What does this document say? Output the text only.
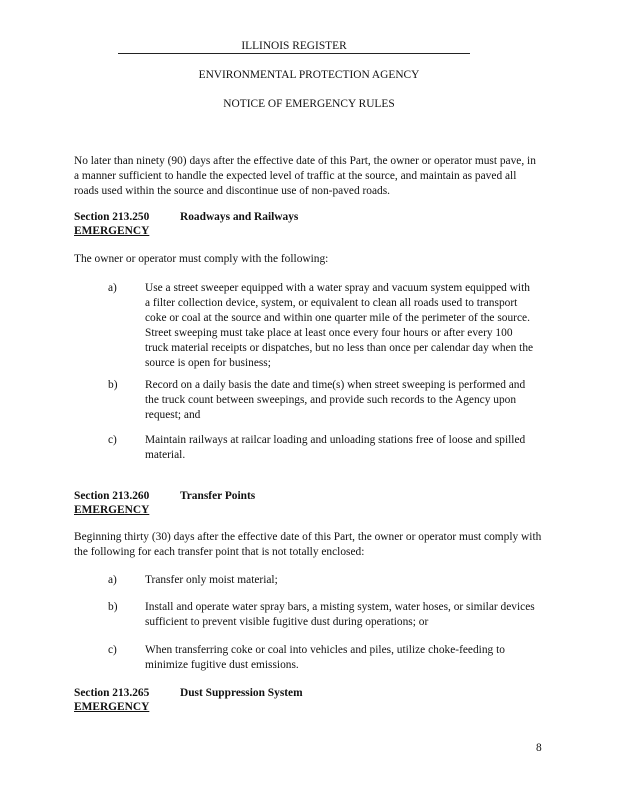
ILLINOIS REGISTER
ENVIRONMENTAL PROTECTION AGENCY
NOTICE OF EMERGENCY RULES
No later than ninety (90) days after the effective date of this Part, the owner or operator must pave, in a manner sufficient to handle the expected level of traffic at the source, and maintain as paved all roads used within the source and discontinue use of non-paved roads.
Section 213.250	Roadways and Railways
EMERGENCY
The owner or operator must comply with the following:
a)	Use a street sweeper equipped with a water spray and vacuum system equipped with a filter collection device, system, or equivalent to clean all roads used to transport coke or coal at the source and within one quarter mile of the perimeter of the source. Street sweeping must take place at least once every four hours or after every 100 truck material receipts or dispatches, but no less than once per calendar day when the source is open for business;
b)	Record on a daily basis the date and time(s) when street sweeping is performed and the truck count between sweepings, and provide such records to the Agency upon request; and
c)	Maintain railways at railcar loading and unloading stations free of loose and spilled material.
Section 213.260	Transfer Points
EMERGENCY
Beginning thirty (30) days after the effective date of this Part, the owner or operator must comply with the following for each transfer point that is not totally enclosed:
a)	Transfer only moist material;
b)	Install and operate water spray bars, a misting system, water hoses, or similar devices sufficient to prevent visible fugitive dust during operations; or
c)	When transferring coke or coal into vehicles and piles, utilize choke-feeding to minimize fugitive dust emissions.
Section 213.265	Dust Suppression System
EMERGENCY
8
